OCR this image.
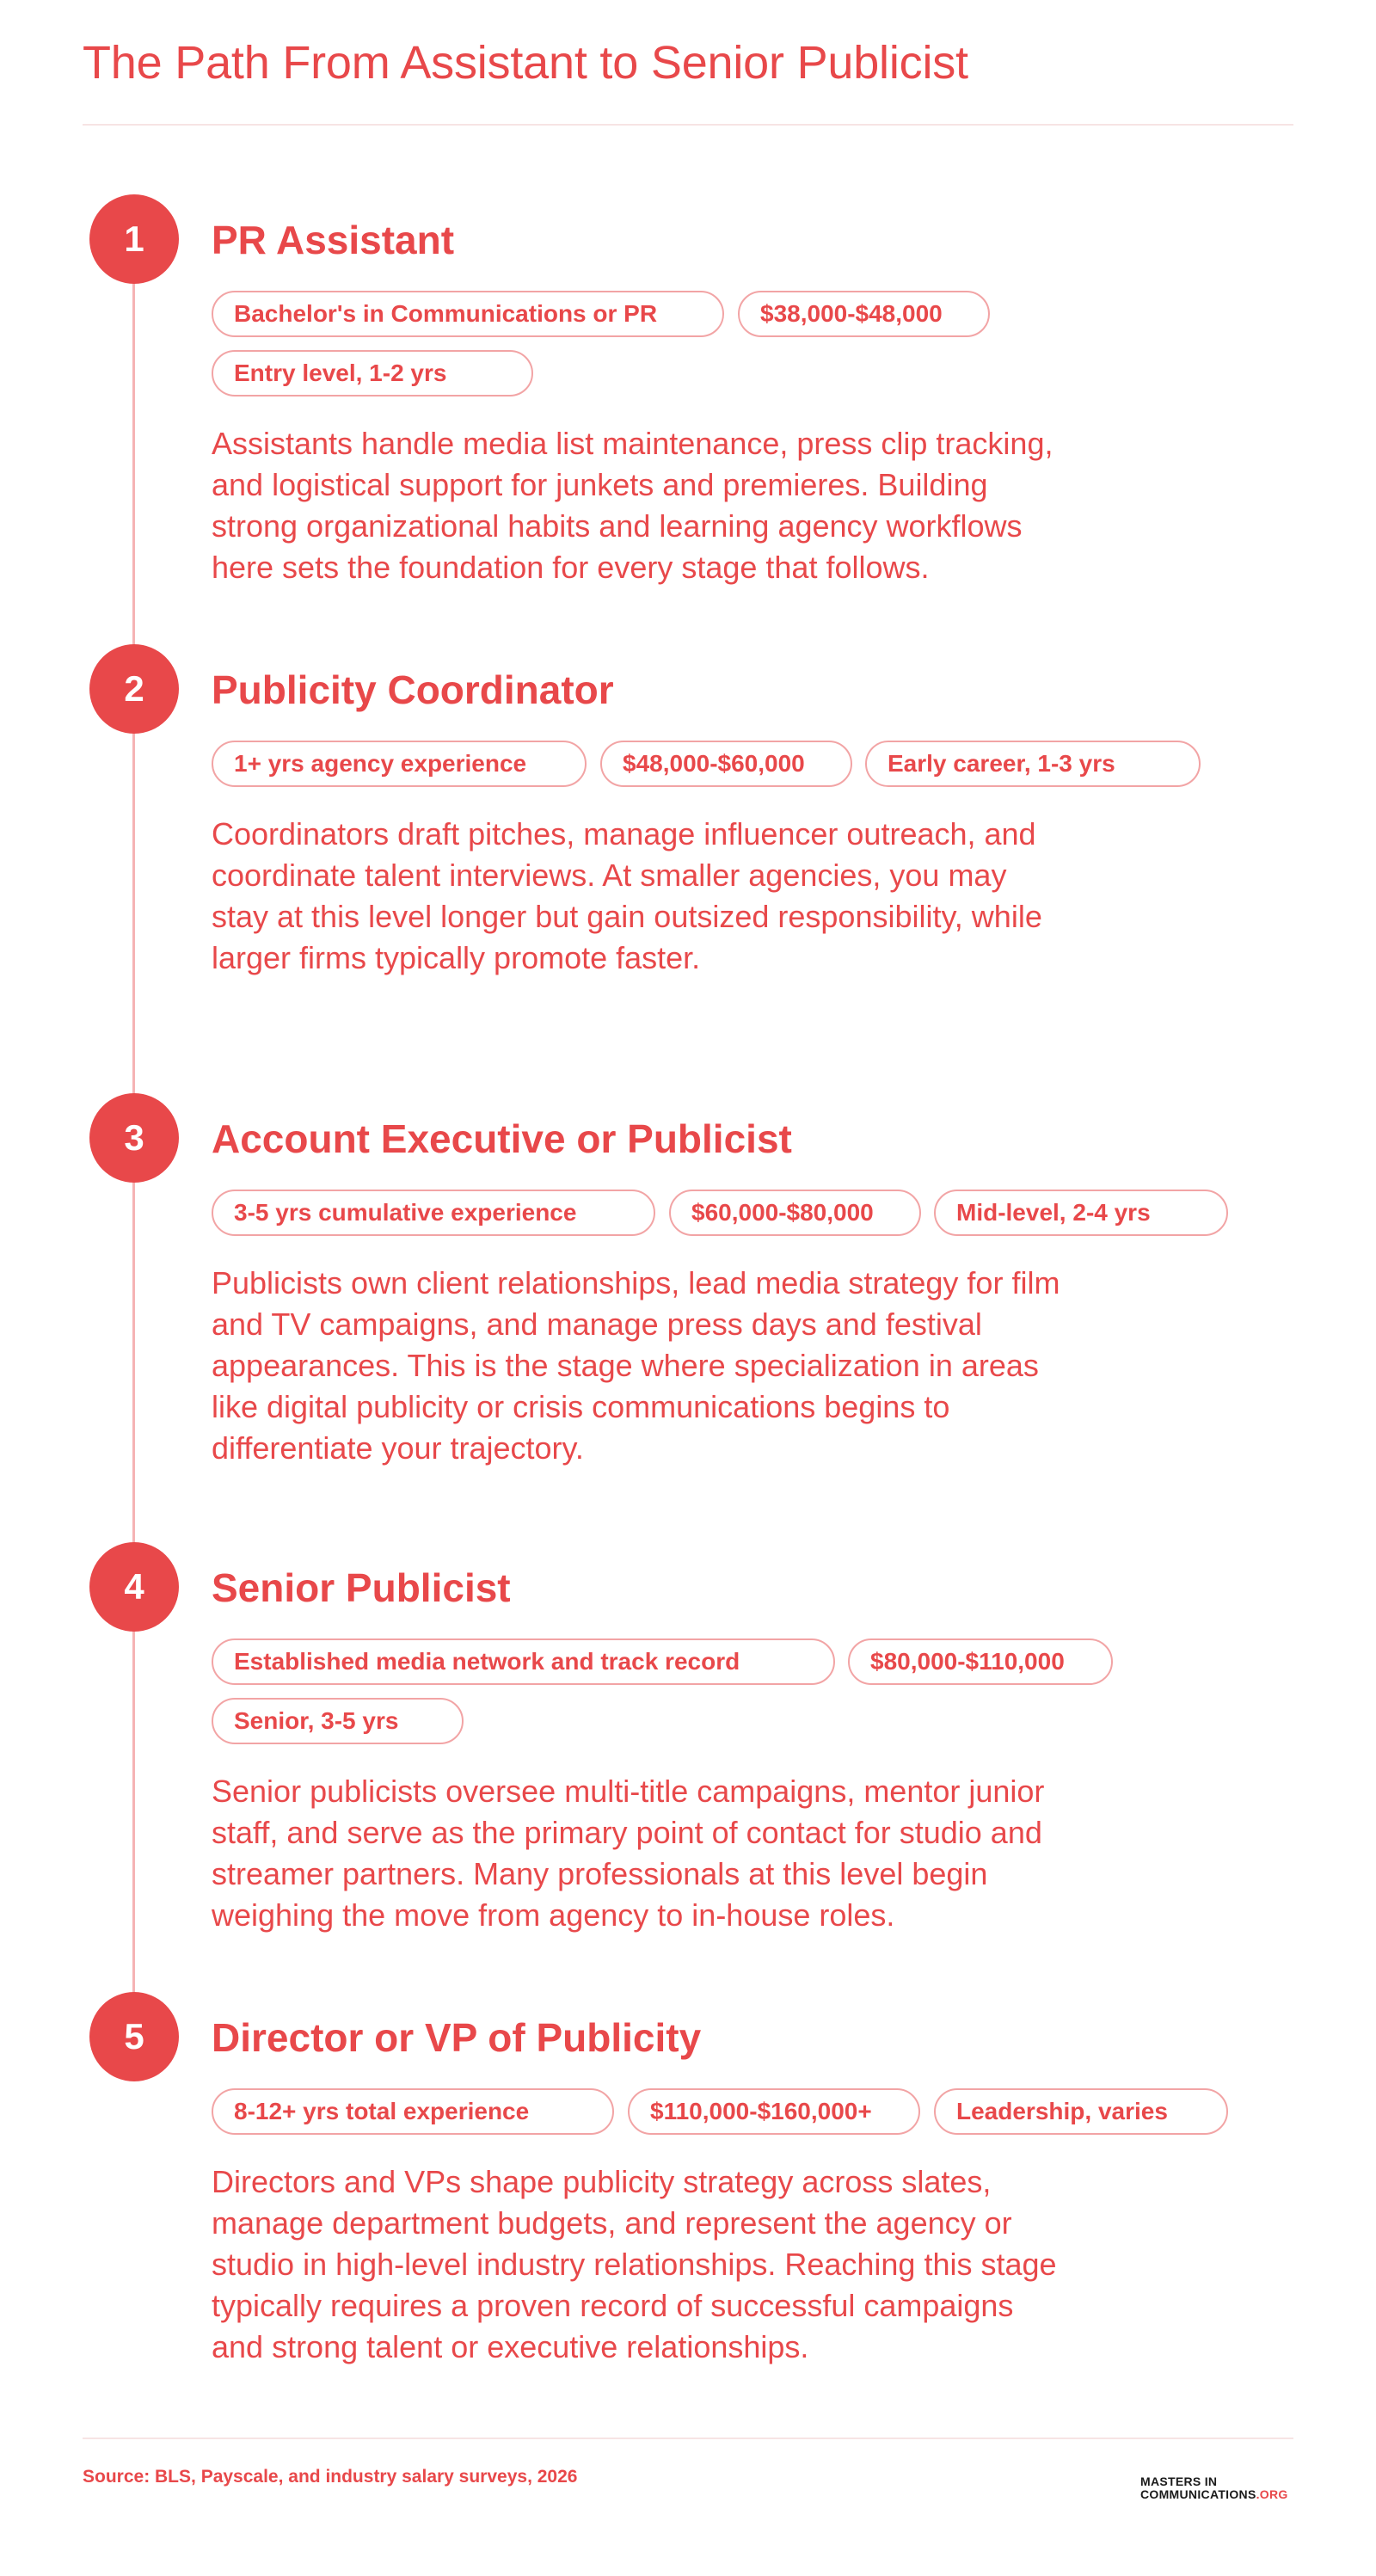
The Path From Assistant to Senior Publicist
1	PR Assistant
Bachelor's in Communications or PR	$38,000-$48,000
Entry level, 1-2 yrs

Assistants handle media list maintenance, press clip tracking, and logistical support for junkets and premieres. Building strong organizational habits and learning agency workflows here sets the foundation for every stage that follows.

2	Publicity Coordinator
1+ yrs agency experience	$48,000-$60,000	Early career, 1-3 yrs

Coordinators draft pitches, manage influencer outreach, and coordinate talent interviews. At smaller agencies, you may stay at this level longer but gain outsized responsibility, while larger firms typically promote faster.

3	Account Executive or Publicist
3-5 yrs cumulative experience	$60,000-$80,000	Mid-level, 2-4 yrs

Publicists own client relationships, lead media strategy for film and TV campaigns, and manage press days and festival appearances. This is the stage where specialization in areas like digital publicity or crisis communications begins to differentiate your trajectory.

4	Senior Publicist
Established media network and track record	$80,000-$110,000
Senior, 3-5 yrs

Senior publicists oversee multi-title campaigns, mentor junior staff, and serve as the primary point of contact for studio and streamer partners. Many professionals at this level begin weighing the move from agency to in-house roles.

5	Director or VP of Publicity
8-12+ yrs total experience	$110,000-$160,000+	Leadership, varies

Directors and VPs shape publicity strategy across slates, manage department budgets, and represent the agency or studio in high-level industry relationships. Reaching this stage typically requires a proven record of successful campaigns and strong talent or executive relationships.

Source: BLS, Payscale, and industry salary surveys, 2026	MASTERS IN
COMMUNICATIONS.ORG
